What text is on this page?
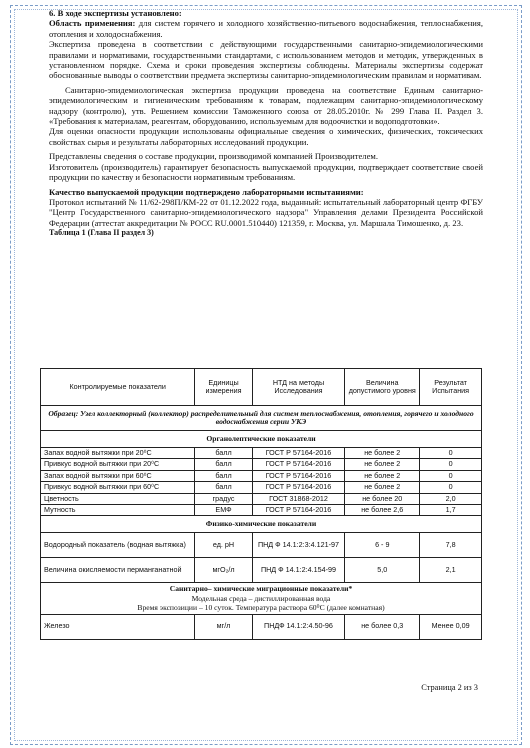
6. В ходе экспертизы установлено:

Область применения: для систем горячего и холодного хозяйственно-питьевого водоснабжения, теплоснабжения, отопления и холодоснабжения.

Экспертиза проведена в соответствии с действующими государственными санитарно-эпидемиологическими правилами и нормативами, государственными стандартами, с использованием методов и методик, утвержденных в установленном порядке. Схема и сроки проведения экспертизы соблюдены. Материалы экспертизы содержат обоснованные выводы о соответствии предмета экспертизы санитарно-эпидемиологическим правилам и нормативам.

Санитарно-эпидемиологическая экспертиза продукции проведена на соответствие Единым санитарно-эпидемиологическим и гигиеническим требованиям к товарам, подлежащим санитарно-эпидемиологическому надзору (контролю), утв. Решением комиссии Таможенного союза от 28.05.2010г. № 299 Глава II. Раздел 3. «Требования к материалам, реагентам, оборудованию, используемым для водоочистки и водоподготовки».

Для оценки опасности продукции использованы официальные сведения о химических, физических, токсических свойствах сырья и результаты лабораторных исследований продукции.

Представлены сведения о составе продукции, производимой компанией Производителем.

Изготовитель (производитель) гарантирует безопасность выпускаемой продукции, подтверждает соответствие своей продукции по качеству и безопасности нормативным требованиям.

Качество выпускаемой продукции подтверждено лабораторными испытаниями:

Протокол испытаний № 11/62-298П/КМ-22 от 01.12.2022 года, выданный: испытательный лабораторный центр ФГБУ "Центр Государственного санитарно-эпидемиологического надзора" Управления делами Президента Российской Федерации (аттестат аккредитации № РОСС RU.0001.510440) 121359, г. Москва, ул. Маршала Тимошенко, д. 23.

Таблица 1 (Глава II раздел 3)

Контролируемые показатели	Единицы измерения	НТД на методы Исследования	Величина допустимого уровня	Результат Испытания
Образец: Узел коллекторный (коллектор) распределительный для систем теплоснабжения, отопления, горячего и холодного водоснабжения серии УКЭ				
Органолептические показатели				
Запах водной вытяжки при 20⁰С	балл	ГОСТ Р 57164-2016	не более 2	0
Привкус водной вытяжки при 20⁰С	балл	ГОСТ Р 57164-2016	не более 2	0
Запах водной вытяжки при 60⁰С	балл	ГОСТ Р 57164-2016	не более 2	0
Привкус водной вытяжки при 60⁰С	балл	ГОСТ Р 57164-2016	не более 2	0
Цветность	градус	ГОСТ 31868-2012	не более 20	2,0
Мутность	ЕМФ	ГОСТ Р 57164-2016	не более 2,6	1,7
Физико-химические показатели				
Водородный показатель (водная вытяжка)	ед. рН	ПНД Ф 14.1:2:3:4.121-97	6 - 9	7,8
Величина окисляемости перманганатной	мгО₂/л	ПНД Ф 14.1:2:4.154-99	5,0	2,1

Санитарно– химические миграционные показатели*
Модельная среда – дистиллированная вода
Время экспозиции – 10 суток. Температура раствора 60⁰С (далее комнатная)				

Железо	мг/л	ПНДФ 14.1:2:4.50-96	не более 0,3	Менее 0,09
Страница 2 из 3
